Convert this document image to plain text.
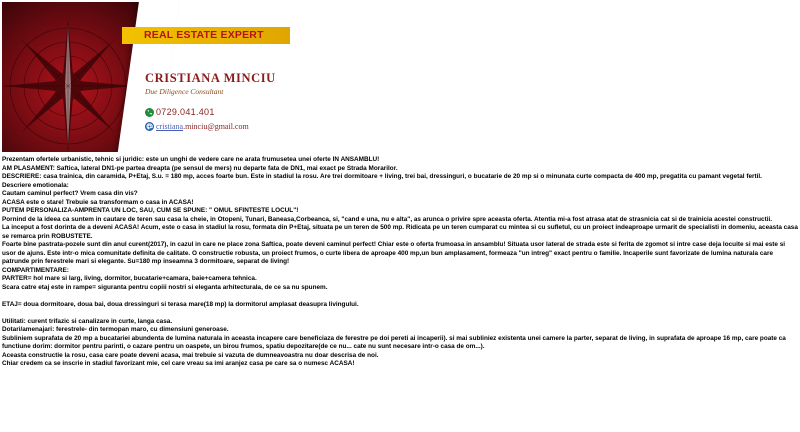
REAL ESTATE EXPERT
CRISTIANA MINCIU
Due Diligence Consultant
0729.041.401
cristiana.minciu@gmail.com

Prezentam ofertele urbanistic, tehnic si juridic: este un unghi de vedere care ne arata frumusetea unei oferte IN ANSAMBLU!

AM PLASAMENT: Saftica, lateral DN1-pe partea dreapta (pe sensul de mers) nu departe fata de DN1, mai exact pe Strada Morarilor.

DESCRIERE: casa trainica, din caramida, P+Etaj, S.u. = 180 mp, acces foarte bun. Este in stadiul la rosu. Are trei dormitoare + living, trei bai, dressinguri, o bucatarie de 20 mp si o minunata curte compacta de 400 mp, pregatita cu pamant vegetal fertil.

Descriere emotionala:

Cautam caminul perfect? Vrem casa din vis?

ACASA este o stare! Trebuie sa transformam o casa in ACASA!

PUTEM PERSONALIZA-AMPRENTA UN LOC, SAU, CUM SE SPUNE: " OMUL SFINTESTE LOCUL"!

Pornind de la ideea ca suntem in cautare de teren sau casa la cheie, in Otopeni, Tunari, Baneasa,Corbeanca, si, "cand e una, nu e alta", as arunca o privire spre aceasta oferta. Atentia mi-a fost atrasa atat de strasnicia cat si de trainicia acestei constructii.

La inceput a fost dorinta de a deveni ACASA! Acum, este o casa in stadiul la rosu, formata din P+Etaj, situata pe un teren de 500 mp. Ridicata pe un teren cumparat cu mintea si cu sufletul, cu un proiect indeaproape urmarit de specialisti in domeniu, aceasta casa se remarca prin ROBUSTETE.

Foarte bine pastrata-pozele sunt din anul curent(2017), in cazul in care ne place zona Saftica, poate deveni caminul perfect! Chiar este o oferta frumoasa in ansamblu! Situata usor lateral de strada este si ferita de zgomot si intre case deja locuite si mai este si usor de ajuns. Este intr-o mica comunitate definita de calitate. O constructie robusta, un proiect frumos, o curte libera de aproape 400 mp,un bun amplasament, formeaza "un intreg" exact pentru o familie. Incaperile sunt favorizate de lumina naturala care patrunde prin ferestrele mari si elegante. Su=180 mp inseamna 3 dormitoare, separat de living!

COMPARTIMENTARE:

PARTER= hol mare si larg, living, dormitor, bucatarie+camara, baie+camera tehnica.

Scara catre etaj este in rampe= siguranta pentru copiii nostri si eleganta arhitecturala, de ce sa nu spunem.

ETAJ= doua dormitoare, doua bai, doua dressinguri si terasa mare(18 mp) la dormitorul amplasat deasupra livingului.

Utilitati: curent trifazic si canalizare in curte, langa casa.

Dotari/amenajari: ferestrele- din termopan maro, cu dimensiuni generoase.

Subliniem suprafata de 20 mp a bucatariei abundenta de lumina naturala in aceasta incapere care beneficiaza de ferestre pe doi pereti ai incaperii). si mai subliniez existenta unei camere la parter, separat de living, in suprafata de aproape 16 mp, care poate ca functiune dorim: dormitor pentru parinti, o cazare pentru un oaspete, un birou frumos, spatiu depozitare(de ce nu... cate nu sunt necesare intr-o casa de om...).

Aceasta constructie la rosu, casa care poate deveni acasa, mai trebuie si vazuta de dumneavoastra nu doar descrisa de noi.

Chiar credem ca se inscrie in stadiul favorizant mie, cel care vreau sa imi aranjez casa pe care sa o numesc ACASA!
